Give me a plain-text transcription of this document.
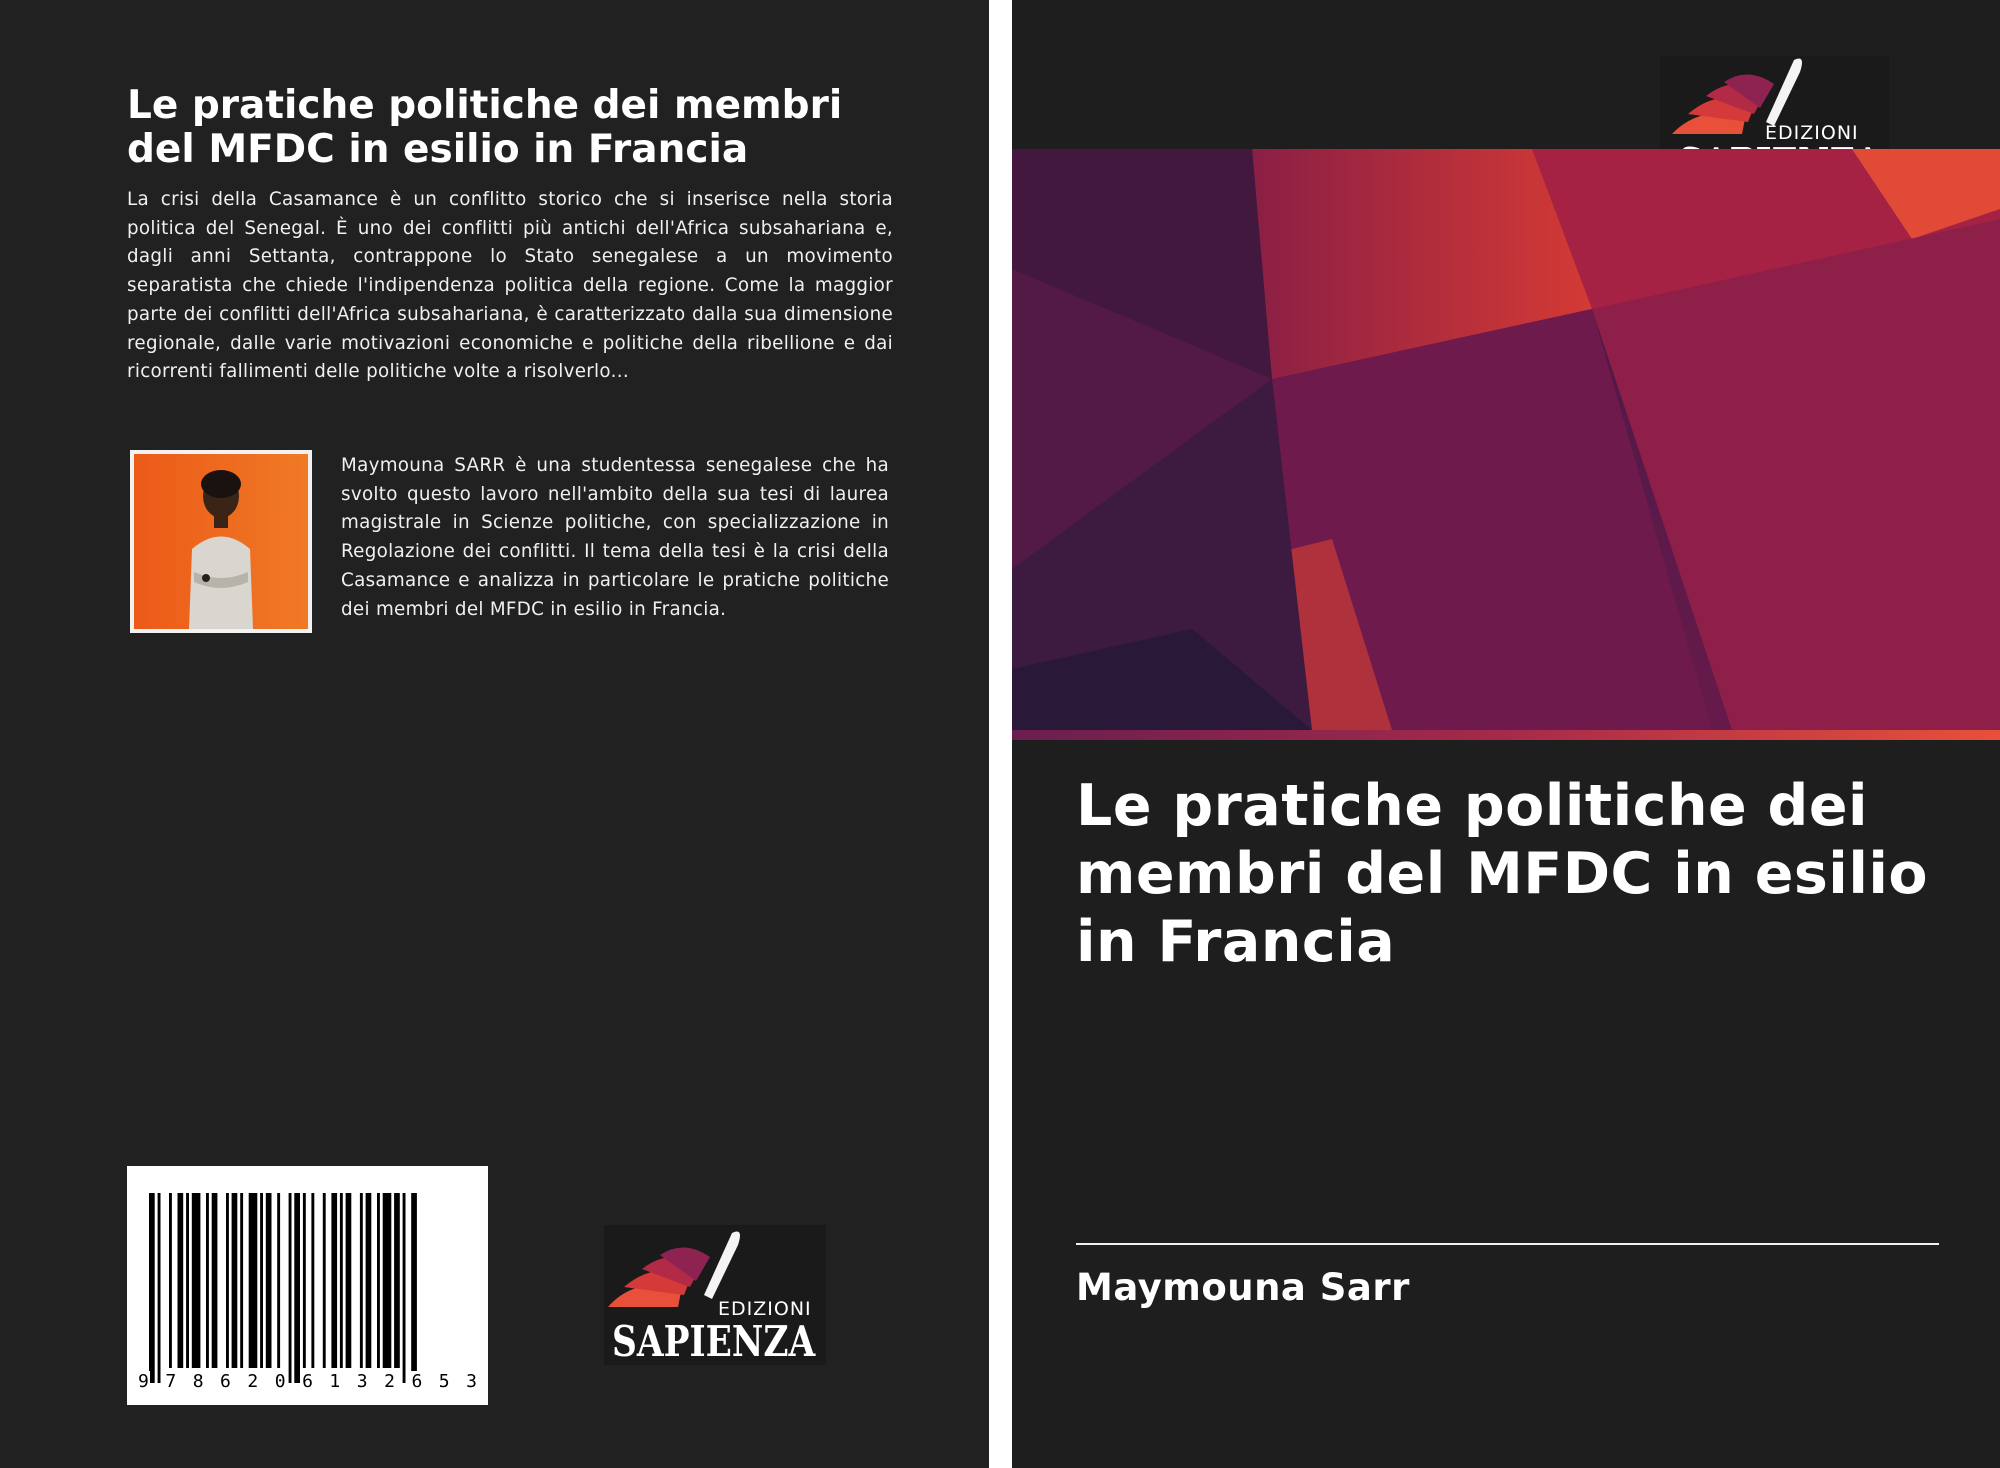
Le pratiche politiche dei membri del MFDC in esilio in Francia
La crisi della Casamance è un conflitto storico che si inserisce nella storia politica del Senegal. È uno dei conflitti più antichi dell'Africa subsahariana e, dagli anni Settanta, contrappone lo Stato senegalese a un movimento separatista che chiede l'indipendenza politica della regione. Come la maggior parte dei conflitti dell'Africa subsahariana, è caratterizzato dalla sua dimensione regionale, dalle varie motivazioni economiche e politiche della ribellione e dai ricorrenti fallimenti delle politiche volte a risolverlo...
Maymouna SARR è una studentessa senegalese che ha svolto questo lavoro nell'ambito della sua tesi di laurea magistrale in Scienze politiche, con specializzazione in Regolazione dei conflitti. Il tema della tesi è la crisi della Casamance e analizza in particolare le pratiche politiche dei membri del MFDC in esilio in Francia.
9 7 8 6 2 0 6 1 3 2 6 5 3
EDIZIONI
SAPIENZA
EDIZIONI
Le pratiche politiche dei membri del MFDC in esilio in Francia
Maymouna Sarr
